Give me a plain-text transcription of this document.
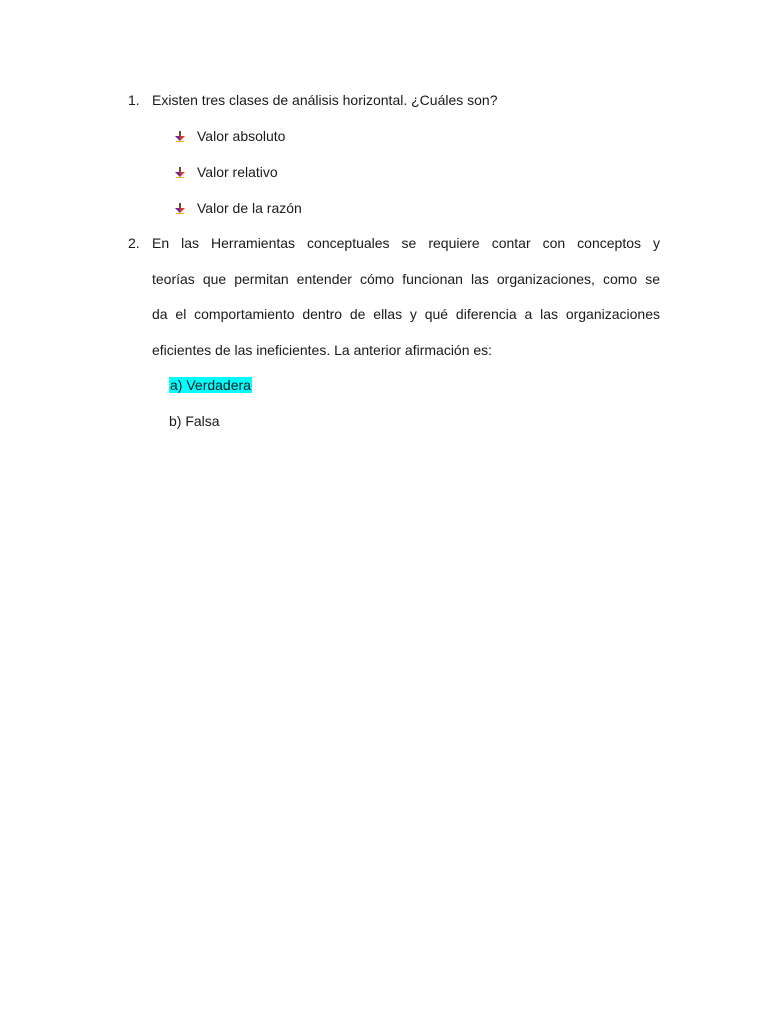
1. Existen tres clases de análisis horizontal. ¿Cuáles son?
Valor absoluto
Valor relativo
Valor de la razón
2. En las Herramientas conceptuales se requiere contar con conceptos y
teorías que permitan entender cómo funcionan las organizaciones, como se
da el comportamiento dentro de ellas y qué diferencia a las organizaciones
eficientes de las ineficientes. La anterior afirmación es:
a) Verdadera
b) Falsa
